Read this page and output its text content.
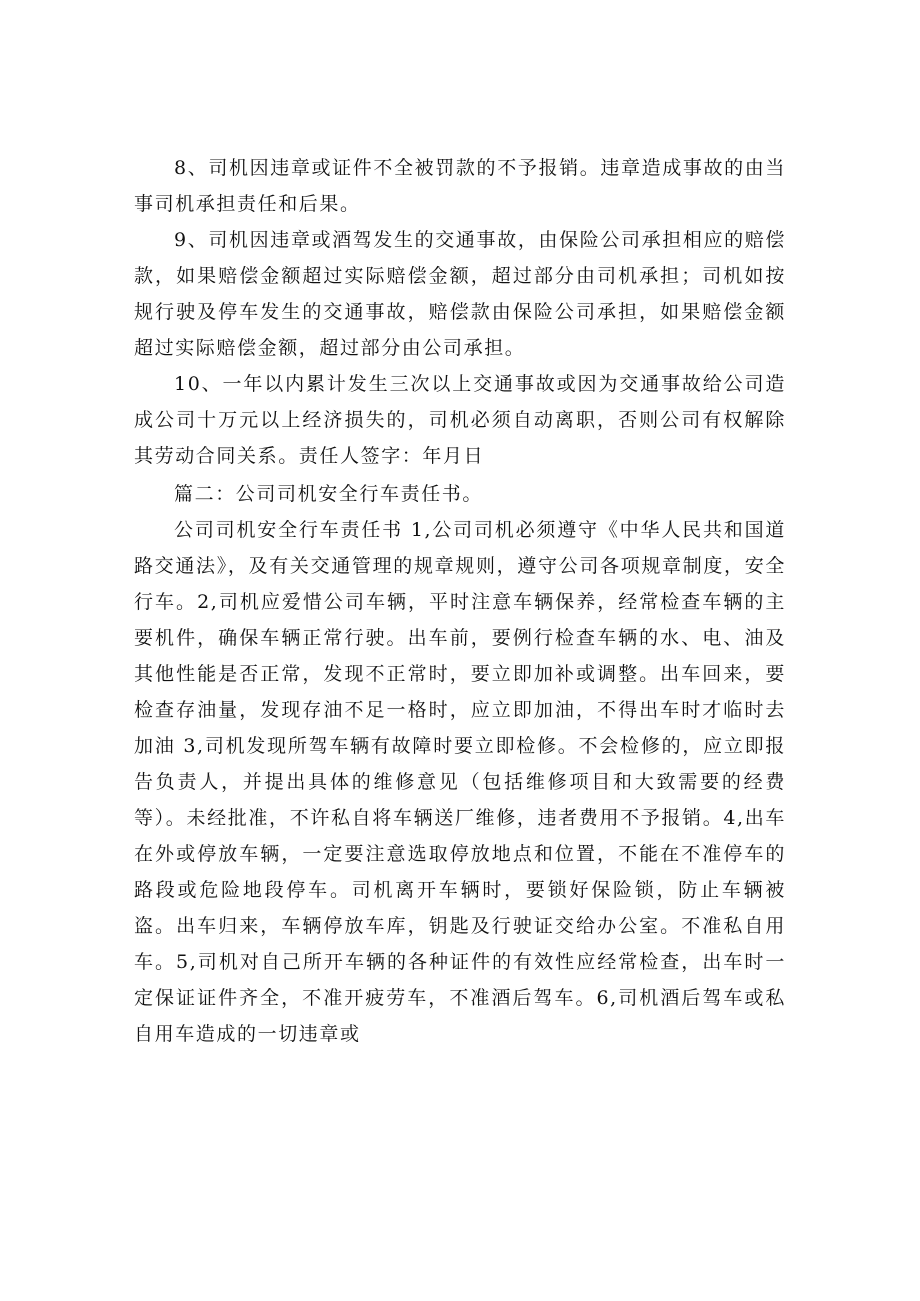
8、司机因违章或证件不全被罚款的不予报销。违章造成事故的由当事司机承担责任和后果。

9、司机因违章或酒驾发生的交通事故，由保险公司承担相应的赔偿款，如果赔偿金额超过实际赔偿金额，超过部分由司机承担；司机如按规行驶及停车发生的交通事故，赔偿款由保险公司承担，如果赔偿金额超过实际赔偿金额，超过部分由公司承担。

10、一年以内累计发生三次以上交通事故或因为交通事故给公司造成公司十万元以上经济损失的，司机必须自动离职，否则公司有权解除其劳动合同关系。责任人签字：年月日

篇二：公司司机安全行车责任书。

公司司机安全行车责任书 1,公司司机必须遵守《中华人民共和国道路交通法》，及有关交通管理的规章规则，遵守公司各项规章制度，安全行车。2,司机应爱惜公司车辆，平时注意车辆保养，经常检查车辆的主要机件，确保车辆正常行驶。出车前，要例行检查车辆的水、电、油及其他性能是否正常，发现不正常时，要立即加补或调整。出车回来，要检查存油量，发现存油不足一格时，应立即加油，不得出车时才临时去加油 3,司机发现所驾车辆有故障时要立即检修。不会检修的，应立即报告负责人，并提出具体的维修意见（包括维修项目和大致需要的经费等）。未经批准，不许私自将车辆送厂维修，违者费用不予报销。4,出车在外或停放车辆，一定要注意选取停放地点和位置，不能在不准停车的路段或危险地段停车。司机离开车辆时，要锁好保险锁，防止车辆被盗。出车归来，车辆停放车库，钥匙及行驶证交给办公室。不准私自用车。5,司机对自己所开车辆的各种证件的有效性应经常检查，出车时一定保证证件齐全，不准开疲劳车，不准酒后驾车。6,司机酒后驾车或私自用车造成的一切违章或
